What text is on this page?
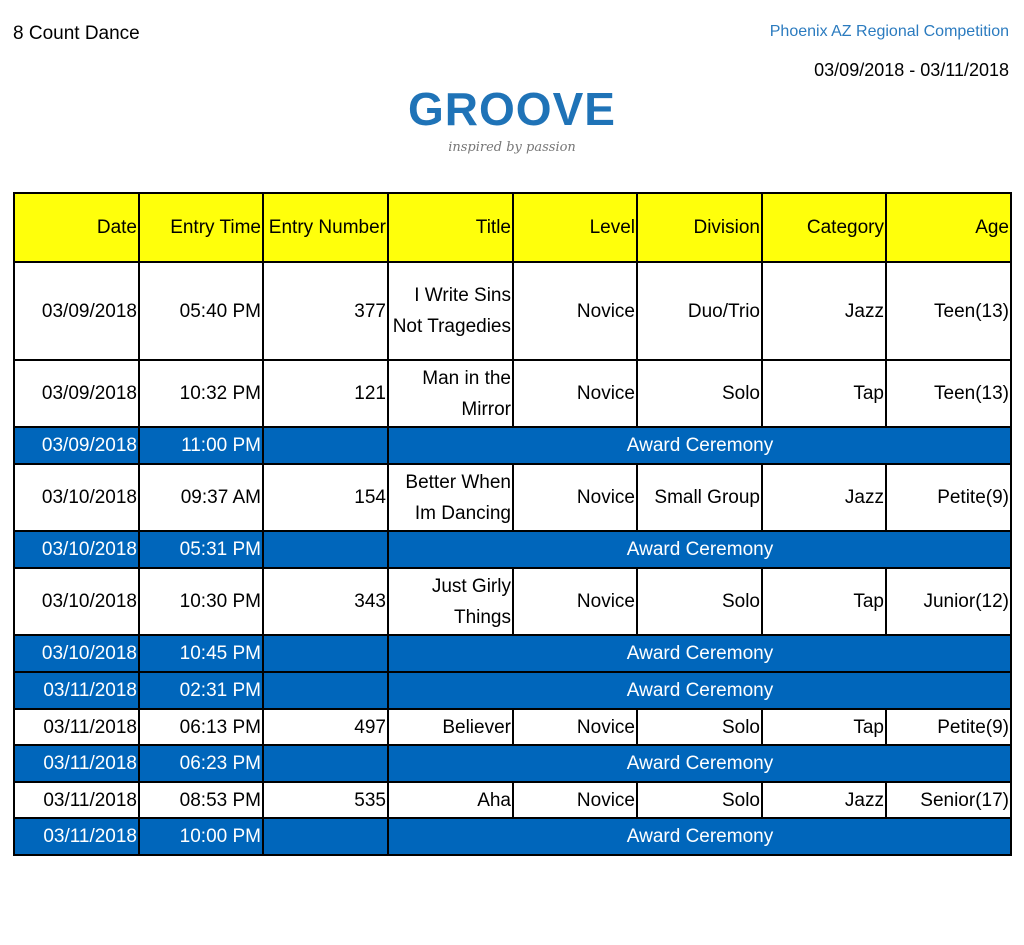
8 Count Dance	Phoenix AZ Regional Competition
03/09/2018 - 03/11/2018
GROOVE
inspired by passion
Date	Entry Time	Entry Number	Title	Level	Division	Category	Age
03/09/2018	05:40 PM	377	I Write Sins Not Tragedies	Novice	Duo/Trio	Jazz	Teen(13)
03/09/2018	10:32 PM	121	Man in the Mirror	Novice	Solo	Tap	Teen(13)
03/09/2018	11:00 PM		Award Ceremony				
03/10/2018	09:37 AM	154	Better When Im Dancing	Novice	Small Group	Jazz	Petite(9)
03/10/2018	05:31 PM		Award Ceremony				
03/10/2018	10:30 PM	343	Just Girly Things	Novice	Solo	Tap	Junior(12)
03/10/2018	10:45 PM		Award Ceremony				
03/11/2018	02:31 PM		Award Ceremony				
03/11/2018	06:13 PM	497	Believer	Novice	Solo	Tap	Petite(9)
03/11/2018	06:23 PM		Award Ceremony				
03/11/2018	08:53 PM	535	Aha	Novice	Solo	Jazz	Senior(17)
03/11/2018	10:00 PM		Award Ceremony				
